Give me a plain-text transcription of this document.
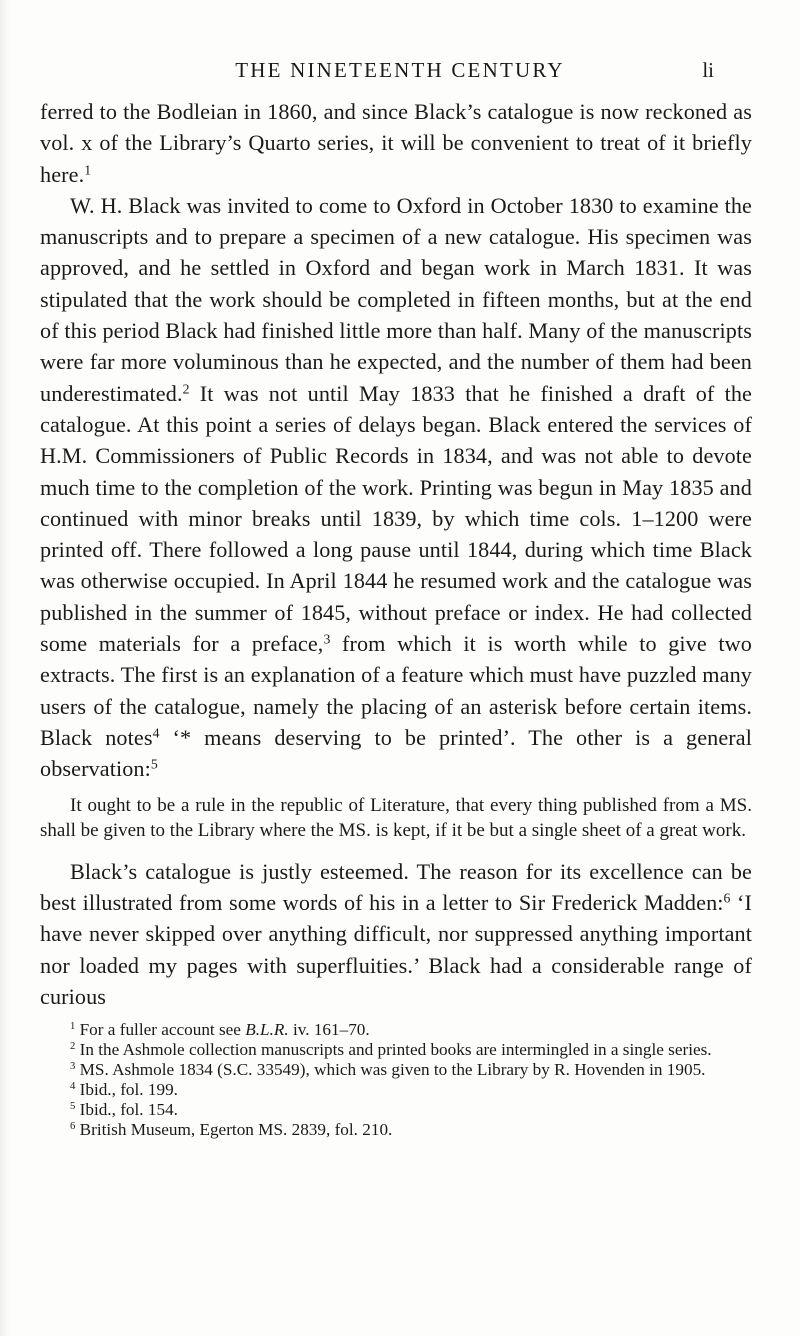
THE NINETEENTH CENTURY	li

ferred to the Bodleian in 1860, and since Black’s catalogue is now reckoned as vol. x of the Library’s Quarto series, it will be convenient to treat of it briefly here.$^1$

W. H. Black was invited to come to Oxford in October 1830 to examine the manuscripts and to prepare a specimen of a new catalogue. His specimen was approved, and he settled in Oxford and began work in March 1831. It was stipulated that the work should be completed in fifteen months, but at the end of this period Black had finished little more than half. Many of the manuscripts were far more voluminous than he expected, and the number of them had been underestimated.$^2$ It was not until May 1833 that he finished a draft of the catalogue. At this point a series of delays began. Black entered the services of H.M. Commissioners of Public Records in 1834, and was not able to devote much time to the completion of the work. Printing was begun in May 1835 and continued with minor breaks until 1839, by which time cols. 1–1200 were printed off. There followed a long pause until 1844, during which time Black was otherwise occupied. In April 1844 he resumed work and the catalogue was published in the summer of 1845, without preface or index. He had collected some materials for a preface,$^3$ from which it is worth while to give two extracts. The first is an explanation of a feature which must have puzzled many users of the catalogue, namely the placing of an asterisk before certain items. Black notes$^4$ ‘* means deserving to be printed’. The other is a general observation:$^5$

It ought to be a rule in the republic of Literature, that every thing published from a MS. shall be given to the Library where the MS. is kept, if it be but a single sheet of a great work.

Black’s catalogue is justly esteemed. The reason for its excellence can be best illustrated from some words of his in a letter to Sir Frederick Madden:$^6$ ‘I have never skipped over anything difficult, nor suppressed anything important nor loaded my pages with superfluities.’ Black had a considerable range of curious

$^1$ For a fuller account see B.L.R. iv. 161–70.

$^2$ In the Ashmole collection manuscripts and printed books are intermingled in a single series.

$^3$ MS. Ashmole 1834 (S.C. 33549), which was given to the Library by R. Hovenden in 1905.

$^4$ Ibid., fol. 199.

$^5$ Ibid., fol. 154.

$^6$ British Museum, Egerton MS. 2839, fol. 210.
